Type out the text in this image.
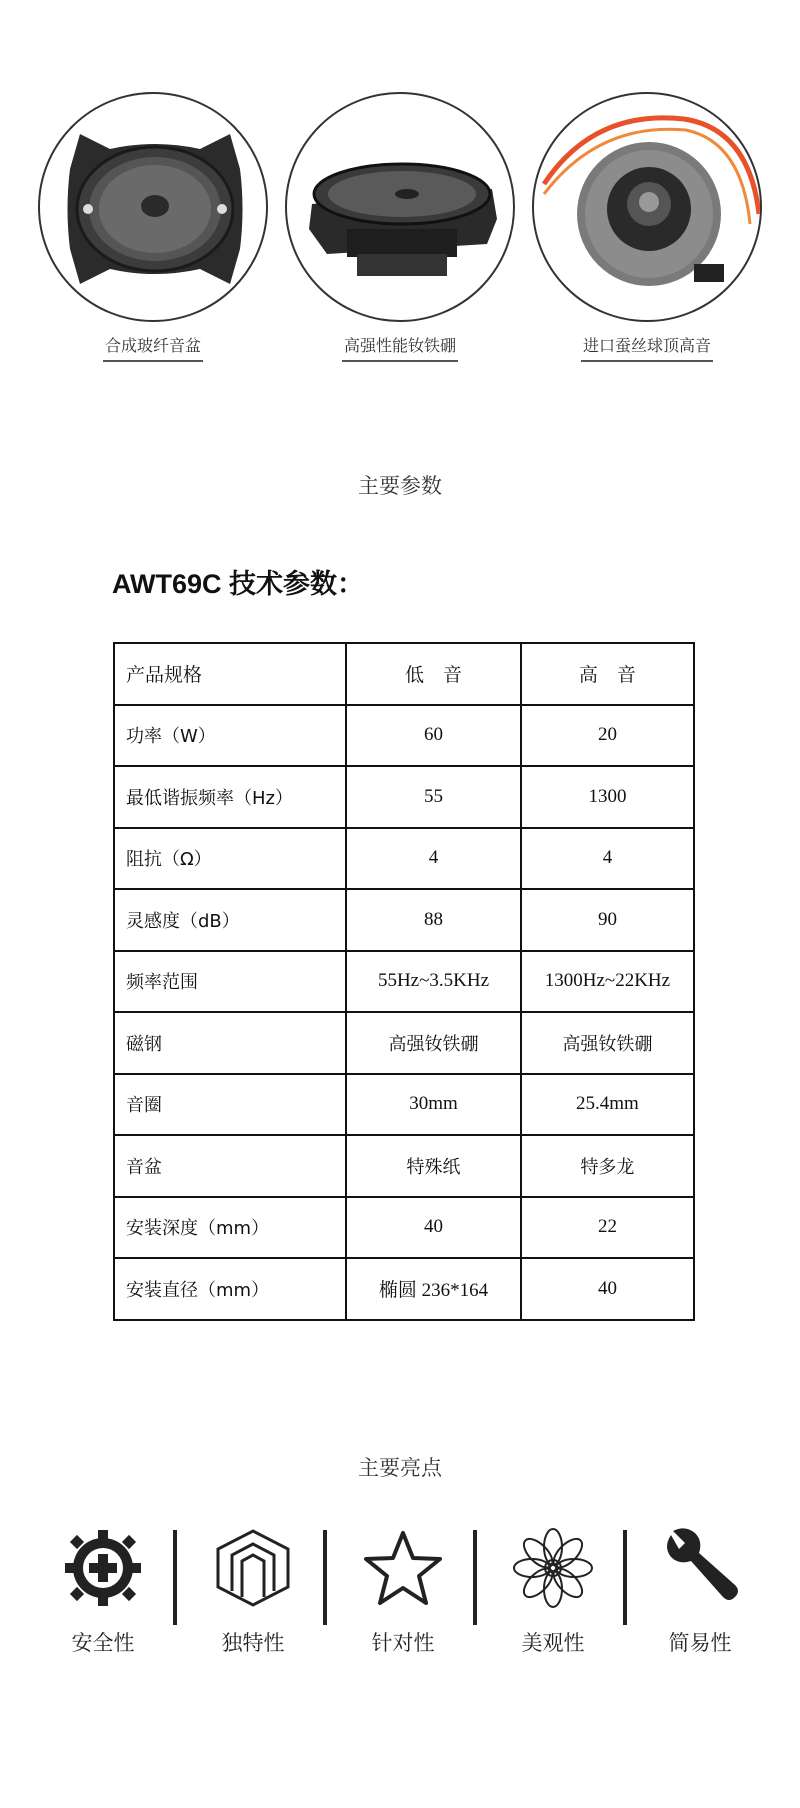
合成玻纤音盆	高强性能钕铁硼	进口蚕丝球顶高音
主要参数
AWT69C 技术参数：
产品规格	低　音	高　音
功率（W）	60	20
最低谐振频率（Hz）	55	1300
阻抗（Ω）	4	4
灵感度（dB）	88	90
频率范围	55Hz~3.5KHz	1300Hz~22KHz
磁钢	高强钕铁硼	高强钕铁硼
音圈	30mm	25.4mm
音盆	特殊纸	特多龙
安装深度（mm）	40	22
安装直径（mm）	椭圆 236*164	40
主要亮点
安全性	独特性	针对性	美观性	简易性
